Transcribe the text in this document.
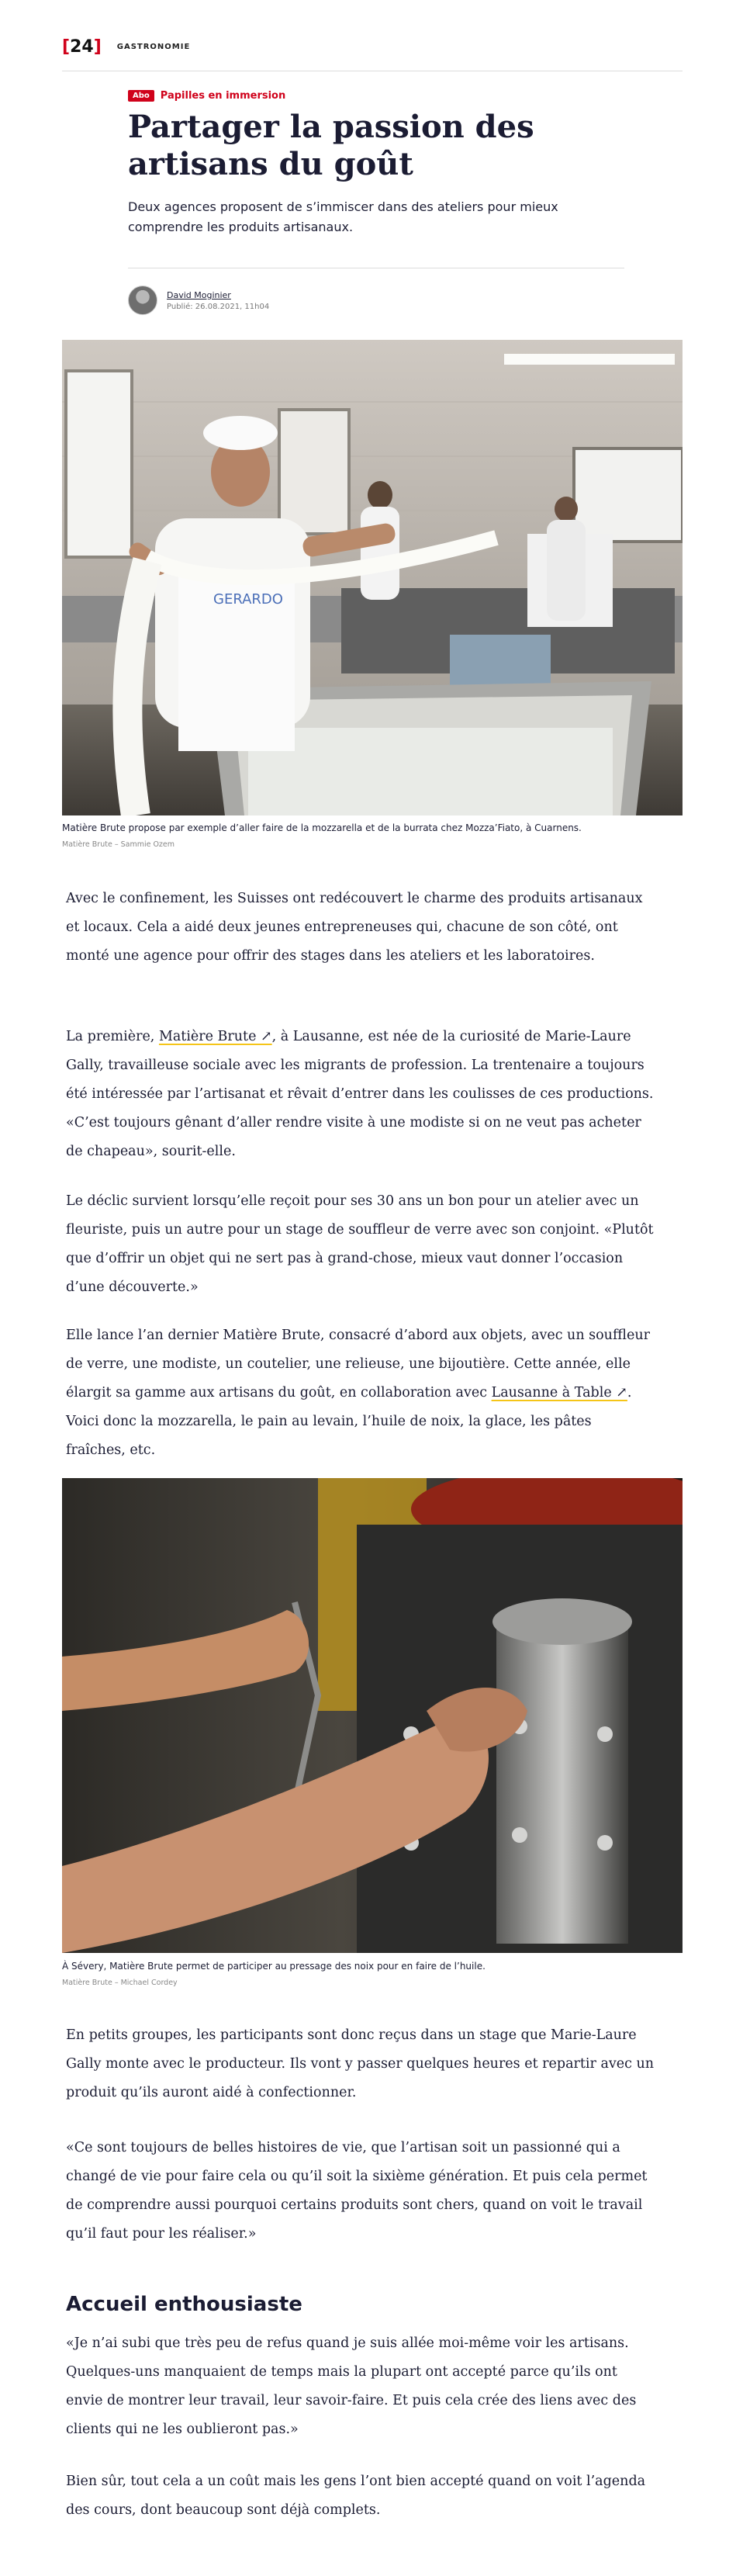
[ 24 ] GASTRONOMIE
Abo	Papilles en immersion
Partager la passion des artisans du goût

Deux agences proposent de s’immiscer dans des ateliers pour mieux comprendre les produits artisanaux.

David Moginier
Publié: 26.08.2021, 11h04
GERARDO
Matière Brute propose par exemple d’aller faire de la mozzarella et de la burrata chez Mozza’Fiato, à Cuarnens.
Matière Brute – Sammie Ozem

Avec le confinement, les Suisses ont redécouvert le charme des produits artisanaux et locaux. Cela a aidé deux jeunes entrepreneuses qui, chacune de son côté, ont monté une agence pour offrir des stages dans les ateliers et les laboratoires.

La première, Matière Brute ↗, à Lausanne, est née de la curiosité de Marie-Laure Gally, travailleuse sociale avec les migrants de profession. La trentenaire a toujours été intéressée par l’artisanat et rêvait d’entrer dans les coulisses de ces productions. «C’est toujours gênant d’aller rendre visite à une modiste si on ne veut pas acheter de chapeau», sourit-elle.

Le déclic survient lorsqu’elle reçoit pour ses 30 ans un bon pour un atelier avec un fleuriste, puis un autre pour un stage de souffleur de verre avec son conjoint. «Plutôt que d’offrir un objet qui ne sert pas à grand-chose, mieux vaut donner l’occasion d’une découverte.»

Elle lance l’an dernier Matière Brute, consacré d’abord aux objets, avec un souffleur de verre, une modiste, un coutelier, une relieuse, une bijoutière. Cette année, elle élargit sa gamme aux artisans du goût, en collaboration avec Lausanne à Table ↗. Voici donc la mozzarella, le pain au levain, l’huile de noix, la glace, les pâtes fraîches, etc.

À Sévery, Matière Brute permet de participer au pressage des noix pour en faire de l’huile.
Matière Brute – Michael Cordey

En petits groupes, les participants sont donc reçus dans un stage que Marie-Laure Gally monte avec le producteur. Ils vont y passer quelques heures et repartir avec un produit qu’ils auront aidé à confectionner.

«Ce sont toujours de belles histoires de vie, que l’artisan soit un passionné qui a changé de vie pour faire cela ou qu’il soit la sixième génération. Et puis cela permet de comprendre aussi pourquoi certains produits sont chers, quand on voit le travail qu’il faut pour les réaliser.»

Accueil enthousiaste

«Je n’ai subi que très peu de refus quand je suis allée moi-même voir les artisans. Quelques-uns manquaient de temps mais la plupart ont accepté parce qu’ils ont envie de montrer leur travail, leur savoir-faire. Et puis cela crée des liens avec des clients qui ne les oublieront pas.»

Bien sûr, tout cela a un coût mais les gens l’ont bien accepté quand on voit l’agenda des cours, dont beaucoup sont déjà complets.
